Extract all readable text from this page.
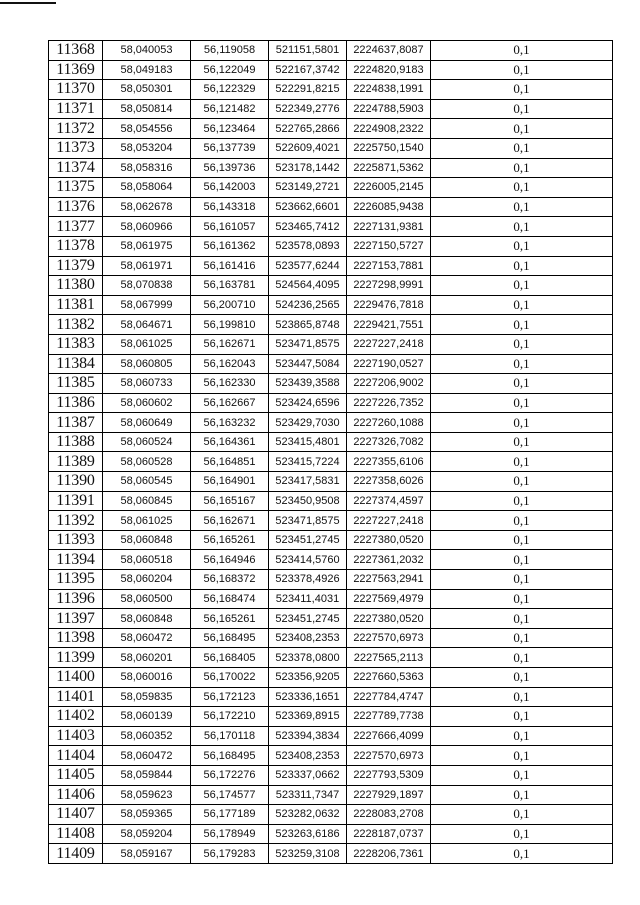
11368	58,040053	56,119058	521151,5801	2224637,8087	0,1
11369	58,049183	56,122049	522167,3742	2224820,9183	0,1
11370	58,050301	56,122329	522291,8215	2224838,1991	0,1
11371	58,050814	56,121482	522349,2776	2224788,5903	0,1
11372	58,054556	56,123464	522765,2866	2224908,2322	0,1
11373	58,053204	56,137739	522609,4021	2225750,1540	0,1
11374	58,058316	56,139736	523178,1442	2225871,5362	0,1
11375	58,058064	56,142003	523149,2721	2226005,2145	0,1
11376	58,062678	56,143318	523662,6601	2226085,9438	0,1
11377	58,060966	56,161057	523465,7412	2227131,9381	0,1
11378	58,061975	56,161362	523578,0893	2227150,5727	0,1
11379	58,061971	56,161416	523577,6244	2227153,7881	0,1
11380	58,070838	56,163781	524564,4095	2227298,9991	0,1
11381	58,067999	56,200710	524236,2565	2229476,7818	0,1
11382	58,064671	56,199810	523865,8748	2229421,7551	0,1
11383	58,061025	56,162671	523471,8575	2227227,2418	0,1
11384	58,060805	56,162043	523447,5084	2227190,0527	0,1
11385	58,060733	56,162330	523439,3588	2227206,9002	0,1
11386	58,060602	56,162667	523424,6596	2227226,7352	0,1
11387	58,060649	56,163232	523429,7030	2227260,1088	0,1
11388	58,060524	56,164361	523415,4801	2227326,7082	0,1
11389	58,060528	56,164851	523415,7224	2227355,6106	0,1
11390	58,060545	56,164901	523417,5831	2227358,6026	0,1
11391	58,060845	56,165167	523450,9508	2227374,4597	0,1
11392	58,061025	56,162671	523471,8575	2227227,2418	0,1
11393	58,060848	56,165261	523451,2745	2227380,0520	0,1
11394	58,060518	56,164946	523414,5760	2227361,2032	0,1
11395	58,060204	56,168372	523378,4926	2227563,2941	0,1
11396	58,060500	56,168474	523411,4031	2227569,4979	0,1
11397	58,060848	56,165261	523451,2745	2227380,0520	0,1
11398	58,060472	56,168495	523408,2353	2227570,6973	0,1
11399	58,060201	56,168405	523378,0800	2227565,2113	0,1
11400	58,060016	56,170022	523356,9205	2227660,5363	0,1
11401	58,059835	56,172123	523336,1651	2227784,4747	0,1
11402	58,060139	56,172210	523369,8915	2227789,7738	0,1
11403	58,060352	56,170118	523394,3834	2227666,4099	0,1
11404	58,060472	56,168495	523408,2353	2227570,6973	0,1
11405	58,059844	56,172276	523337,0662	2227793,5309	0,1
11406	58,059623	56,174577	523311,7347	2227929,1897	0,1
11407	58,059365	56,177189	523282,0632	2228083,2708	0,1
11408	58,059204	56,178949	523263,6186	2228187,0737	0,1
11409	58,059167	56,179283	523259,3108	2228206,7361	0,1
